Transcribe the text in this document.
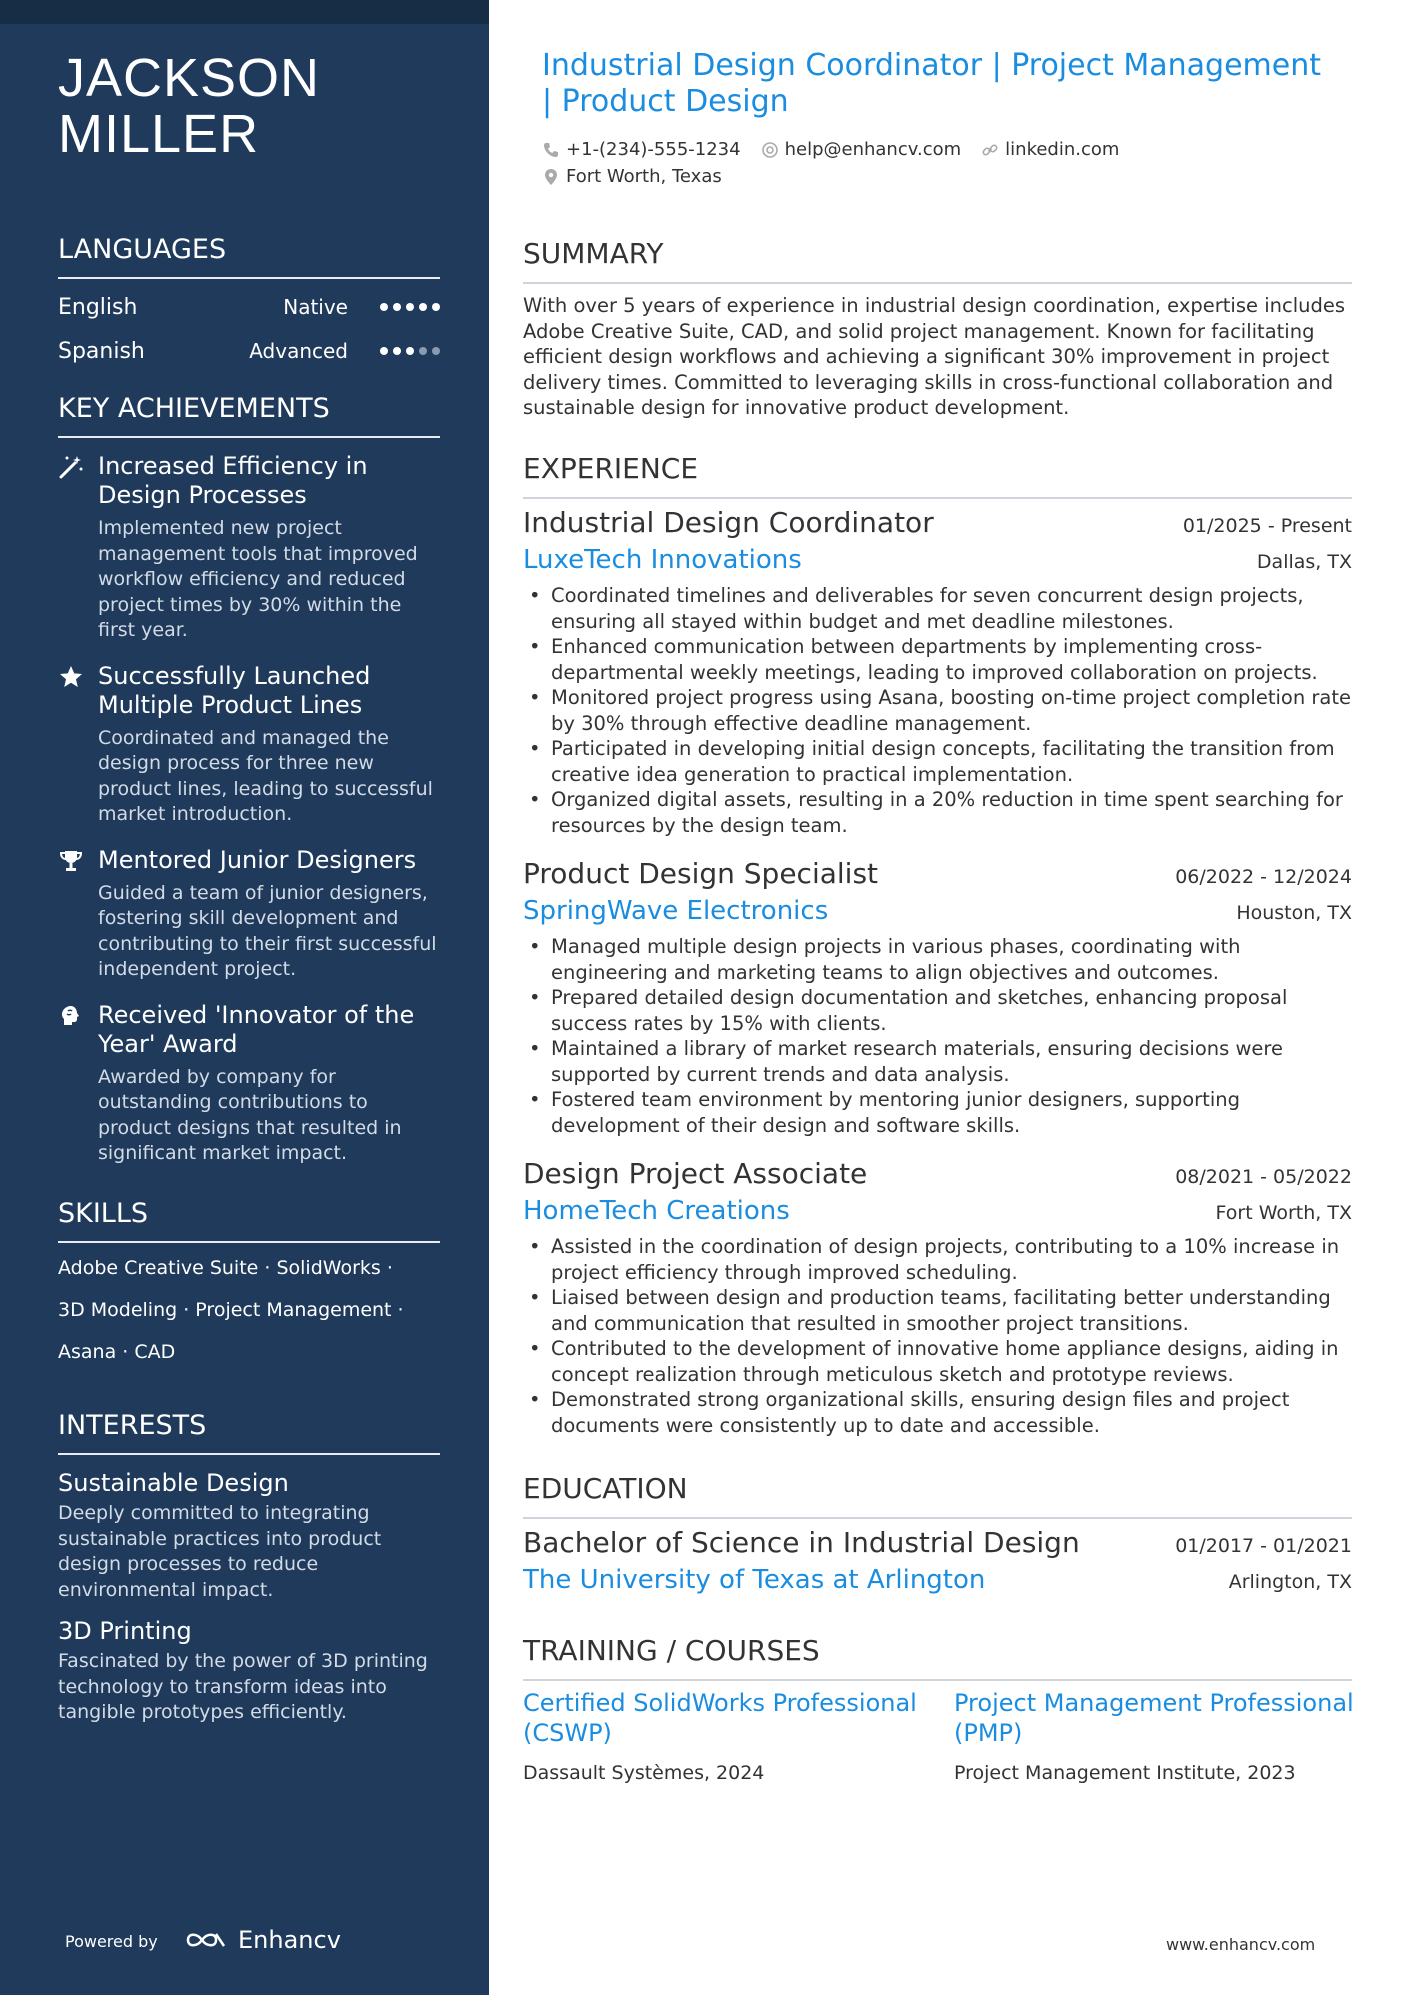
JACKSON
MILLER
LANGUAGES
English	Native
Spanish	Advanced
KEY ACHIEVEMENTS
Increased Efficiency in Design Processes
Implemented new project management tools that improved workflow efficiency and reduced project times by 30% within the first year.
Successfully Launched Multiple Product Lines
Coordinated and managed the design process for three new product lines, leading to successful market introduction.
Mentored Junior Designers
Guided a team of junior designers, fostering skill development and contributing to their first successful independent project.
Received 'Innovator of the Year' Award
Awarded by company for outstanding contributions to product designs that resulted in significant market impact.
SKILLS
Adobe Creative Suite · SolidWorks ·
3D Modeling · Project Management ·
Asana · CAD
INTERESTS
Sustainable Design
Deeply committed to integrating sustainable practices into product design processes to reduce environmental impact.
3D Printing
Fascinated by the power of 3D printing technology to transform ideas into tangible prototypes efficiently.
Powered by	Enhancv
Industrial Design Coordinator | Project Management | Product Design
+1-(234)-555-1234 help@enhancv.com linkedin.com
Fort Worth, Texas
SUMMARY
With over 5 years of experience in industrial design coordination, expertise includes Adobe Creative Suite, CAD, and solid project management. Known for facilitating efficient design workflows and achieving a significant 30% improvement in project delivery times. Committed to leveraging skills in cross-functional collaboration and sustainable design for innovative product development.
EXPERIENCE
Industrial Design Coordinator	01/2025 - Present
LuxeTech Innovations	Dallas, TX
• Coordinated timelines and deliverables for seven concurrent design projects, ensuring all stayed within budget and met deadline milestones.
• Enhanced communication between departments by implementing cross-departmental weekly meetings, leading to improved collaboration on projects.
• Monitored project progress using Asana, boosting on-time project completion rate by 30% through effective deadline management.
• Participated in developing initial design concepts, facilitating the transition from creative idea generation to practical implementation.
• Organized digital assets, resulting in a 20% reduction in time spent searching for resources by the design team.
Product Design Specialist	06/2022 - 12/2024
SpringWave Electronics	Houston, TX
• Managed multiple design projects in various phases, coordinating with engineering and marketing teams to align objectives and outcomes.
• Prepared detailed design documentation and sketches, enhancing proposal success rates by 15% with clients.
• Maintained a library of market research materials, ensuring decisions were supported by current trends and data analysis.
• Fostered team environment by mentoring junior designers, supporting development of their design and software skills.
Design Project Associate	08/2021 - 05/2022
HomeTech Creations	Fort Worth, TX
• Assisted in the coordination of design projects, contributing to a 10% increase in project efficiency through improved scheduling.
• Liaised between design and production teams, facilitating better understanding and communication that resulted in smoother project transitions.
• Contributed to the development of innovative home appliance designs, aiding in concept realization through meticulous sketch and prototype reviews.
• Demonstrated strong organizational skills, ensuring design files and project documents were consistently up to date and accessible.
EDUCATION
Bachelor of Science in Industrial Design	01/2017 - 01/2021
The University of Texas at Arlington	Arlington, TX
TRAINING / COURSES
Certified SolidWorks Professional (CSWP)
Dassault Systèmes, 2024
Project Management Professional (PMP)
Project Management Institute, 2023
www.enhancv.com
